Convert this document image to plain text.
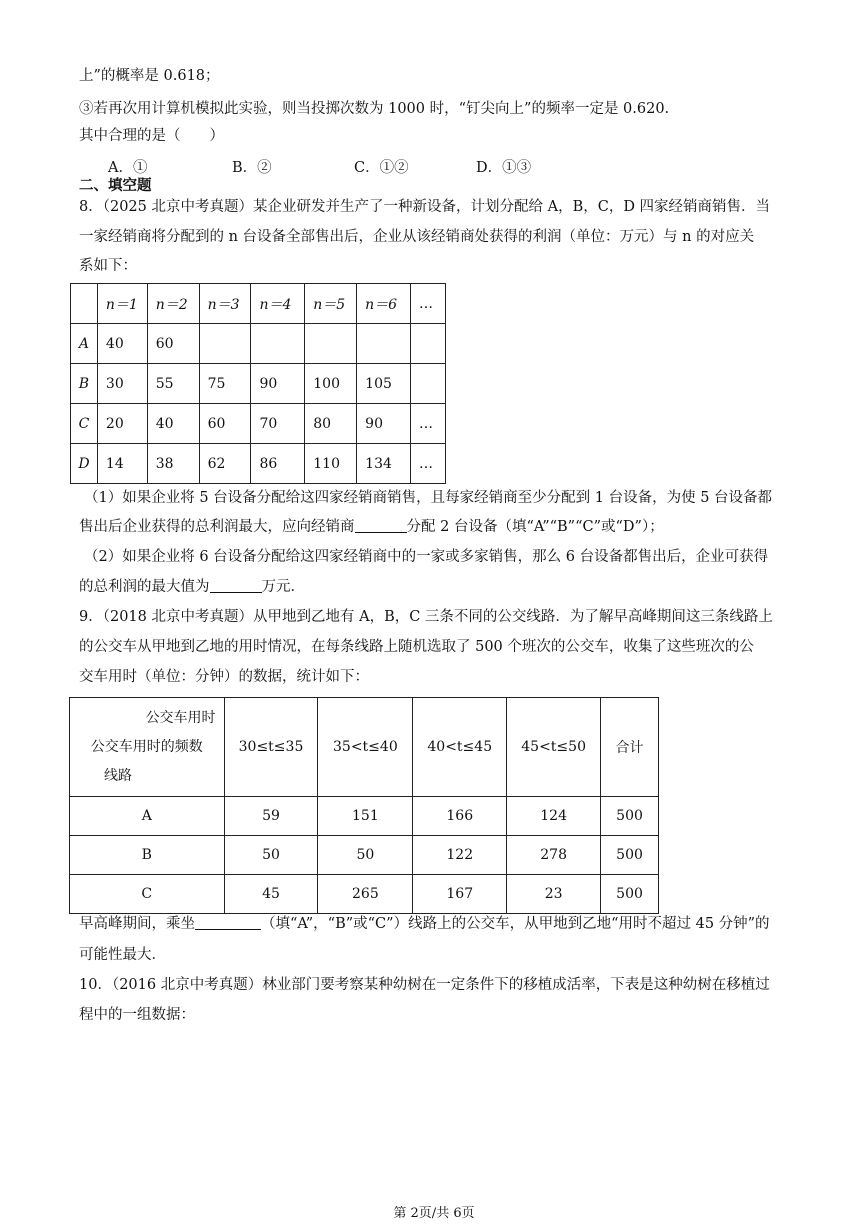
上”的概率是 0.618；
③若再次用计算机模拟此实验，则当投掷次数为 1000 时，“钉尖向上”的频率一定是 0.620.
其中合理的是（　　）
A．①	B．②	C．①②	D．①③
二、填空题
8．（2025 北京中考真题）某企业研发并生产了一种新设备，计划分配给 A，B，C，D 四家经销商销售．当
一家经销商将分配到的 n 台设备全部售出后，企业从该经销商处获得的利润（单位：万元）与 n 的对应关
系如下：
	n＝1	n＝2	n＝3	n＝4	n＝5	n＝6	…
A	40	60					
B	30	55	75	90	100	105	
C	20	40	60	70	80	90	…
D	14	38	62	86	110	134	…
（1）如果企业将 5 台设备分配给这四家经销商销售，且每家经销商至少分配到 1 台设备，为使 5 台设备都
售出后企业获得的总利润最大，应向经销商	分配 2 台设备（填“A”“B”“C”或“D”）；
（2）如果企业将 6 台设备分配给这四家经销商中的一家或多家销售，那么 6 台设备都售出后，企业可获得
的总利润的最大值为	万元．
9．（2018 北京中考真题）从甲地到乙地有 A，B，C 三条不同的公交线路．为了解早高峰期间这三条线路上
的公交车从甲地到乙地的用时情况，在每条线路上随机选取了 500 个班次的公交车，收集了这些班次的公
交车用时（单位：分钟）的数据，统计如下：
公交车用时
公交车用时的频数
线路	30≤t≤35	35<t≤40	40<t≤45	45<t≤50	合计
A	59	151	166	124	500
B	50	50	122	278	500
C	45	265	167	23	500
早高峰期间，乘坐	（填“A”，“B”或“C”）线路上的公交车，从甲地到乙地“用时不超过 45 分钟”的
可能性最大．
10．（2016 北京中考真题）林业部门要考察某种幼树在一定条件下的移植成活率，下表是这种幼树在移植过
程中的一组数据：
第 2页/共 6页
